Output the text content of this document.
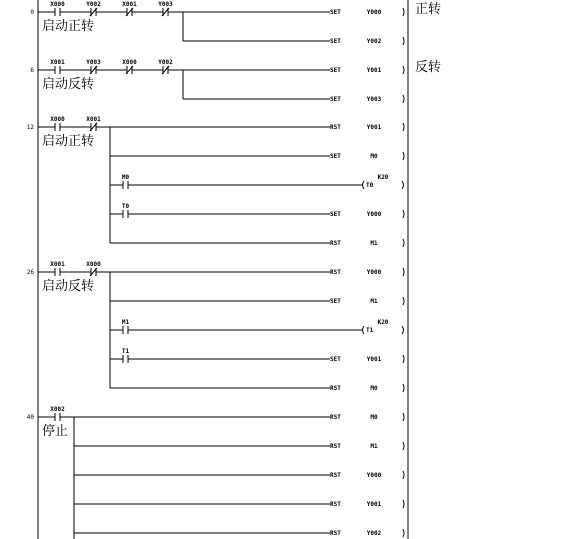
0
X000	Y002	X001	Y003
启动正转
正转
SET	Y000
SET	Y002
6
X001	Y003	X000	Y002
启动反转
反转
SET	Y001
SET	Y003
12
X000	X001
启动正转
RST	Y001
SET	M0
M0
T0
K20
T0
SET	Y000
RST	M1
26
X001	X000
启动反转
RST	Y000
SET	M1
M1
T1
K20
T1
SET	Y001
RST	M0
40
X002
停止
RST	M0
RST	M1
RST	Y000
RST	Y001
RST	Y002
